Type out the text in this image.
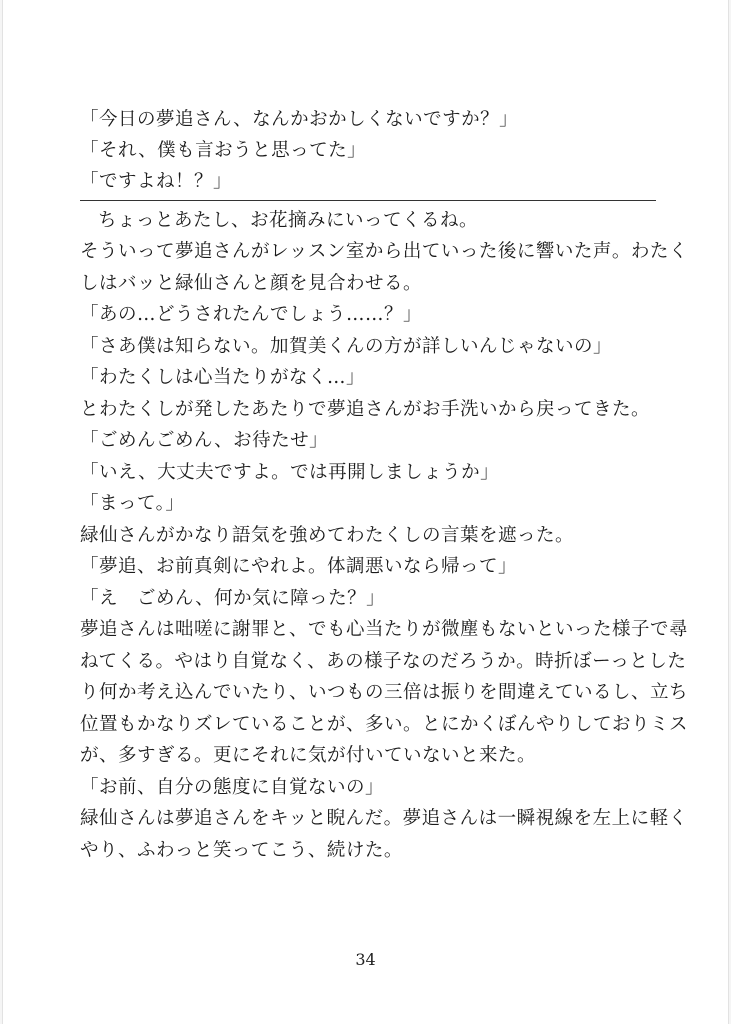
「今日の夢追さん、なんかおかしくないですか？」
「それ、僕も言おうと思ってた」
「ですよね！？」
ちょっとあたし、お花摘みにいってくるね。
そういって夢追さんがレッスン室から出ていった後に響いた声。わたく
しはバッと緑仙さんと顔を見合わせる。
「あの…どうされたんでしょう……？」
「さあ僕は知らない。加賀美くんの方が詳しいんじゃないの」
「わたくしは心当たりがなく…」
とわたくしが発したあたりで夢追さんがお手洗いから戻ってきた。
「ごめんごめん、お待たせ」
「いえ、大丈夫ですよ。では再開しましょうか」
「まって。」
緑仙さんがかなり語気を強めてわたくしの言葉を遮った。
「夢追、お前真剣にやれよ。体調悪いなら帰って」
「え　ごめん、何か気に障った？」
夢追さんは咄嗟に謝罪と、でも心当たりが微塵もないといった様子で尋
ねてくる。やはり自覚なく、あの様子なのだろうか。時折ぼーっとした
り何か考え込んでいたり、いつもの三倍は振りを間違えているし、立ち
位置もかなりズレていることが、多い。とにかくぼんやりしておりミス
が、多すぎる。更にそれに気が付いていないと来た。
「お前、自分の態度に自覚ないの」
緑仙さんは夢追さんをキッと睨んだ。夢追さんは一瞬視線を左上に軽く
やり、ふわっと笑ってこう、続けた。
34
